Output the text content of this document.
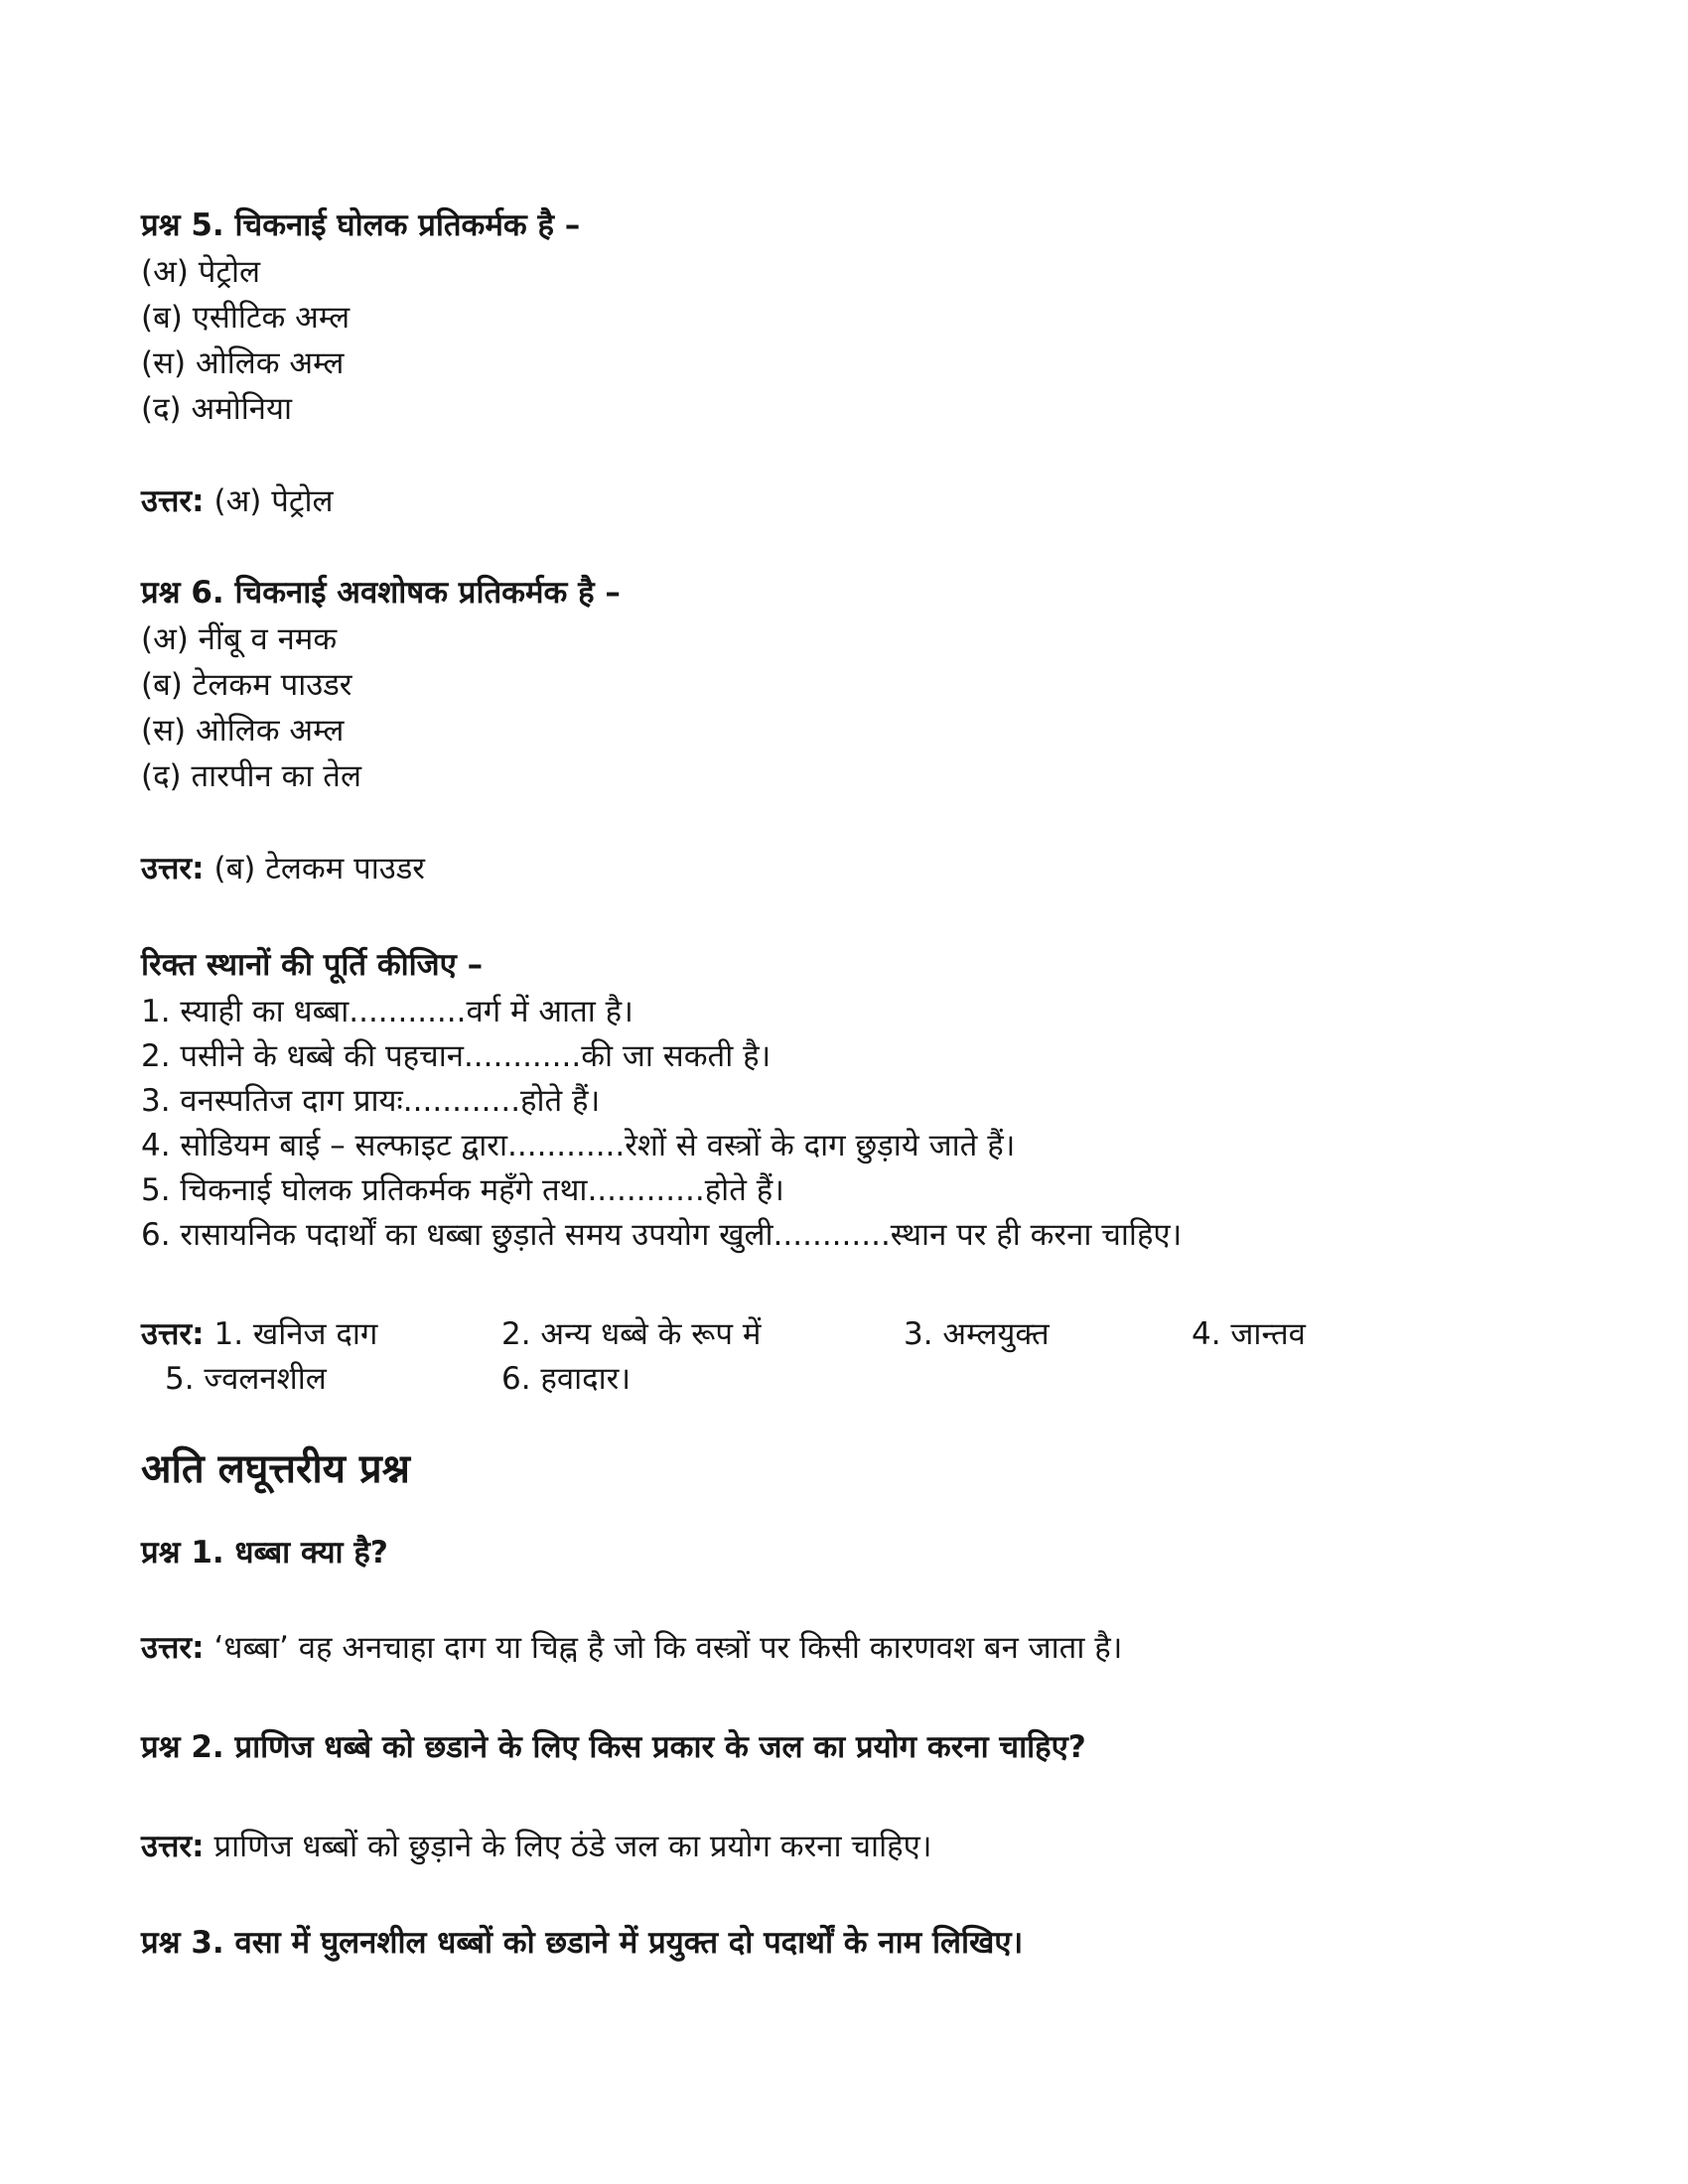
प्रश्न 5. चिकनाई घोलक प्रतिकर्मक है –
(अ) पेट्रोल
(ब) एसीटिक अम्ल
(स) ओलिक अम्ल
(द) अमोनिया
उत्तर: (अ) पेट्रोल
प्रश्न 6. चिकनाई अवशोषक प्रतिकर्मक है –
(अ) नींबू व नमक
(ब) टेलकम पाउडर
(स) ओलिक अम्ल
(द) तारपीन का तेल
उत्तर: (ब) टेलकम पाउडर
रिक्त स्थानों की पूर्ति कीजिए –
1. स्याही का धब्बा............वर्ग में आता है।
2. पसीने के धब्बे की पहचान............की जा सकती है।
3. वनस्पतिज दाग प्रायः............होते हैं।
4. सोडियम बाई – सल्फाइट द्वारा............रेशों से वस्त्रों के दाग छुड़ाये जाते हैं।
5. चिकनाई घोलक प्रतिकर्मक महँगे तथा............होते हैं।
6. रासायनिक पदार्थों का धब्बा छुड़ाते समय उपयोग खुली............स्थान पर ही करना चाहिए।
उत्तर: 1. खनिज दाग	2. अन्य धब्बे के रूप में	3. अम्लयुक्त	4. जान्तव
5. ज्वलनशील	6. हवादार।
अति लघूत्तरीय प्रश्न
प्रश्न 1. धब्बा क्या है?
उत्तर: ‘धब्बा’ वह अनचाहा दाग या चिह्न है जो कि वस्त्रों पर किसी कारणवश बन जाता है।
प्रश्न 2. प्राणिज धब्बे को छडाने के लिए किस प्रकार के जल का प्रयोग करना चाहिए?
उत्तर: प्राणिज धब्बों को छुड़ाने के लिए ठंडे जल का प्रयोग करना चाहिए।
प्रश्न 3. वसा में घुलनशील धब्बों को छडाने में प्रयुक्त दो पदार्थों के नाम लिखिए।
